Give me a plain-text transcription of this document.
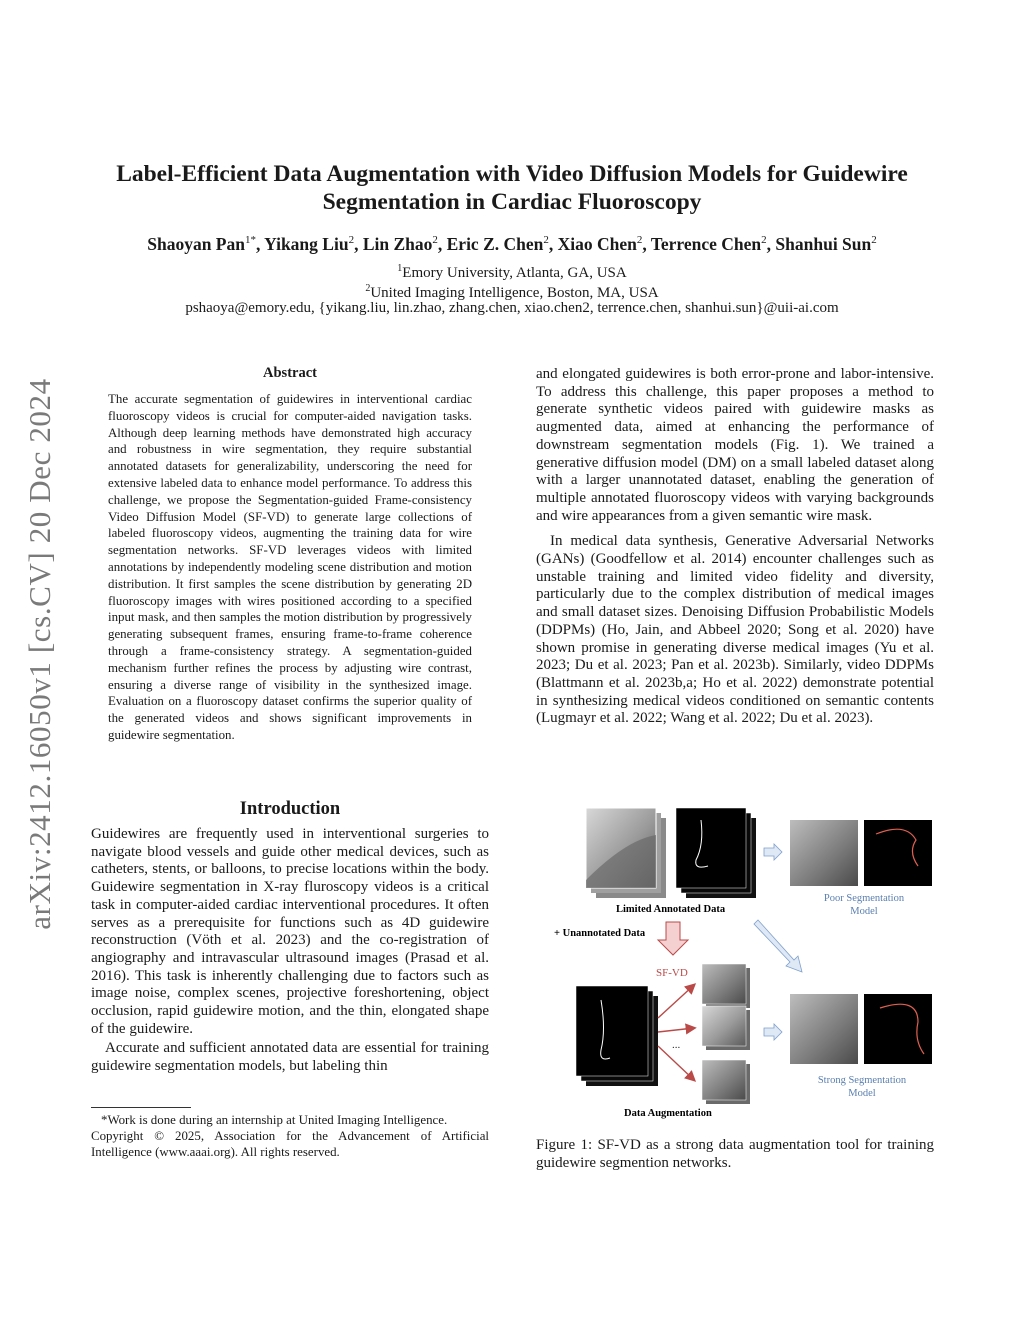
arXiv:2412.16050v1 [cs.CV] 20 Dec 2024
Label-Efficient Data Augmentation with Video Diffusion Models for Guidewire
Segmentation in Cardiac Fluoroscopy
Shaoyan Pan$^{1*}$, Yikang Liu$^2$, Lin Zhao$^2$, Eric Z. Chen$^2$, Xiao Chen$^2$, Terrence Chen$^2$, Shanhui Sun$^2$
$^1$Emory University, Atlanta, GA, USA
$^2$United Imaging Intelligence, Boston, MA, USA
pshaoya@emory.edu, {yikang.liu, lin.zhao, zhang.chen, xiao.chen2, terrence.chen, shanhui.sun}@uii-ai.com
Abstract
The accurate segmentation of guidewires in interventional cardiac fluoroscopy videos is crucial for computer-aided navigation tasks. Although deep learning methods have demonstrated high accuracy and robustness in wire segmentation, they require substantial annotated datasets for generalizability, underscoring the need for extensive labeled data to enhance model performance. To address this challenge, we propose the Segmentation-guided Frame-consistency Video Diffusion Model (SF-VD) to generate large collections of labeled fluoroscopy videos, augmenting the training data for wire segmentation networks. SF-VD leverages videos with limited annotations by independently modeling scene distribution and motion distribution. It first samples the scene distribution by generating 2D fluoroscopy images with wires positioned according to a specified input mask, and then samples the motion distribution by progressively generating subsequent frames, ensuring frame-to-frame coherence through a frame-consistency strategy. A segmentation-guided mechanism further refines the process by adjusting wire contrast, ensuring a diverse range of visibility in the synthesized image. Evaluation on a fluoroscopy dataset confirms the superior quality of the generated videos and shows significant improvements in guidewire segmentation.
Introduction

Guidewires are frequently used in interventional surgeries to navigate blood vessels and guide other medical devices, such as catheters, stents, or balloons, to precise locations within the body. Guidewire segmentation in X-ray fluroscopy videos is a critical task in computer-aided cardiac interventional procedures. It often serves as a prerequisite for functions such as 4D guidewire reconstruction (Vöth et al. 2023) and the co-registration of angiography and intravascular ultrasound images (Prasad et al. 2016). This task is inherently challenging due to factors such as image noise, complex scenes, projective foreshortening, object occlusion, rapid guidewire motion, and the thin, elongated shape of the guidewire.

Accurate and sufficient annotated data are essential for training guidewire segmentation models, but labeling thin

*Work is done during an internship at United Imaging Intelligence.

Copyright © 2025, Association for the Advancement of Artificial Intelligence (www.aaai.org). All rights reserved.

and elongated guidewires is both error-prone and labor-intensive. To address this challenge, this paper proposes a method to generate synthetic videos paired with guidewire masks as augmented data, aimed at enhancing the performance of downstream segmentation models (Fig. 1). We trained a generative diffusion model (DM) on a small labeled dataset along with a larger unannotated dataset, enabling the generation of multiple annotated fluoroscopy videos with varying backgrounds and wire appearances from a given semantic wire mask.

In medical data synthesis, Generative Adversarial Networks (GANs) (Goodfellow et al. 2014) encounter challenges such as unstable training and limited video fidelity and diversity, particularly due to the complex distribution of medical images and small dataset sizes. Denoising Diffusion Probabilistic Models (DDPMs) (Ho, Jain, and Abbeel 2020; Song et al. 2020) have shown promise in generating diverse medical images (Yu et al. 2023; Du et al. 2023; Pan et al. 2023b). Similarly, video DDPMs (Blattmann et al. 2023b,a; Ho et al. 2022) demonstrate potential in synthesizing medical videos conditioned on semantic contents (Lugmayr et al. 2022; Wang et al. 2022; Du et al. 2023).

Limited Annotated Data
+ Unannotated Data
SF-VD
Poor Segmentation
Model
...
Data Augmentation
Strong Segmentation
Model
Figure 1: SF-VD as a strong data augmentation tool for training guidewire segmention networks.
